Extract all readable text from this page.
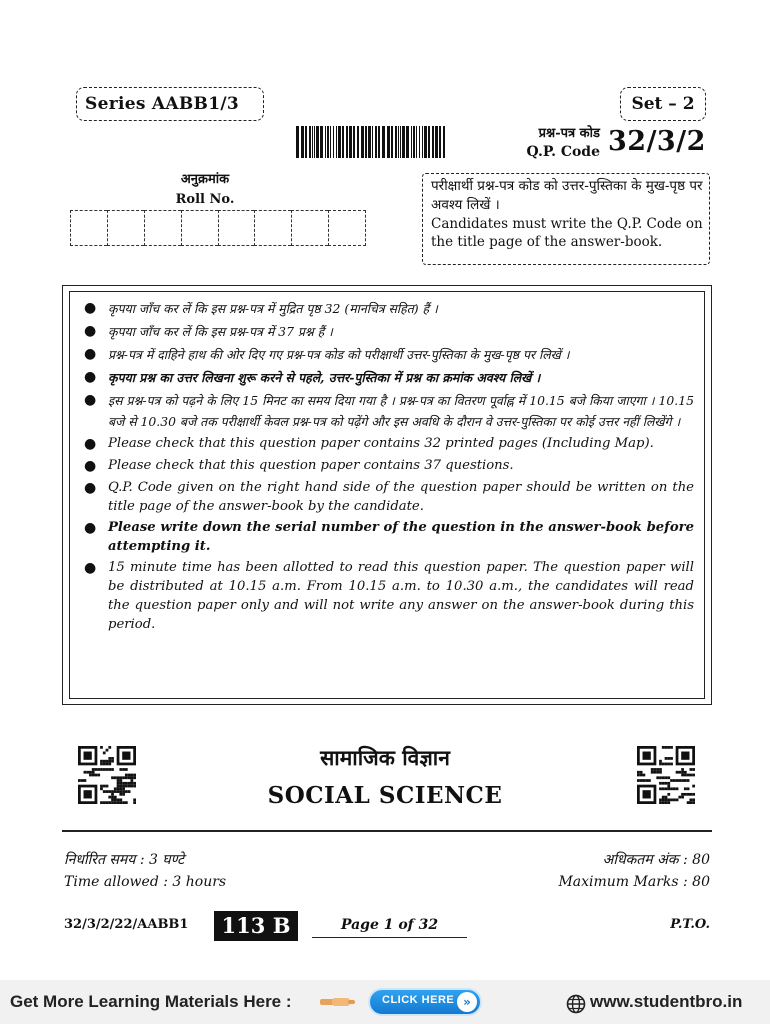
Series AABB1/3	Set – 2
प्रश्न-पत्र कोड
Q.P. Code 32/3/2
अनुक्रमांक
Roll No.
परीक्षार्थी प्रश्न-पत्र कोड को उत्तर-पुस्तिका के मुख-पृष्ठ पर अवश्य लिखें ।
Candidates must write the Q.P. Code on the title page of the answer-book.
● कृपया जाँच कर लें कि इस प्रश्न-पत्र में मुद्रित पृष्ठ 32 (मानचित्र सहित) हैं ।
● कृपया जाँच कर लें कि इस प्रश्न-पत्र में 37 प्रश्न हैं ।
● प्रश्न-पत्र में दाहिने हाथ की ओर दिए गए प्रश्न-पत्र कोड को परीक्षार्थी उत्तर-पुस्तिका के मुख-पृष्ठ पर लिखें ।
● कृपया प्रश्न का उत्तर लिखना शुरू करने से पहले, उत्तर-पुस्तिका में प्रश्न का क्रमांक अवश्य लिखें ।
● इस प्रश्न-पत्र को पढ़ने के लिए 15 मिनट का समय दिया गया है । प्रश्न-पत्र का वितरण पूर्वाह्न में 10.15 बजे किया जाएगा । 10.15 बजे से 10.30 बजे तक परीक्षार्थी केवल प्रश्न-पत्र को पढ़ेंगे और इस अवधि के दौरान वे उत्तर-पुस्तिका पर कोई उत्तर नहीं लिखेंगे ।
● Please check that this question paper contains 32 printed pages (Including Map).
● Please check that this question paper contains 37 questions.
● Q.P. Code given on the right hand side of the question paper should be written on the title page of the answer-book by the candidate.
● Please write down the serial number of the question in the answer-book before attempting it.
● 15 minute time has been allotted to read this question paper. The question paper will be distributed at 10.15 a.m. From 10.15 a.m. to 10.30 a.m., the candidates will read the question paper only and will not write any answer on the answer-book during this period.
सामाजिक विज्ञान
SOCIAL SCIENCE
निर्धारित समय : 3 घण्टे
Time allowed : 3 hours
अधिकतम अंक : 80
Maximum Marks : 80
32/3/2/22/AABB1	113 B	Page 1 of 32	P.T.O.
Get More Learning Materials Here :	CLICK HERE »	www.studentbro.in
